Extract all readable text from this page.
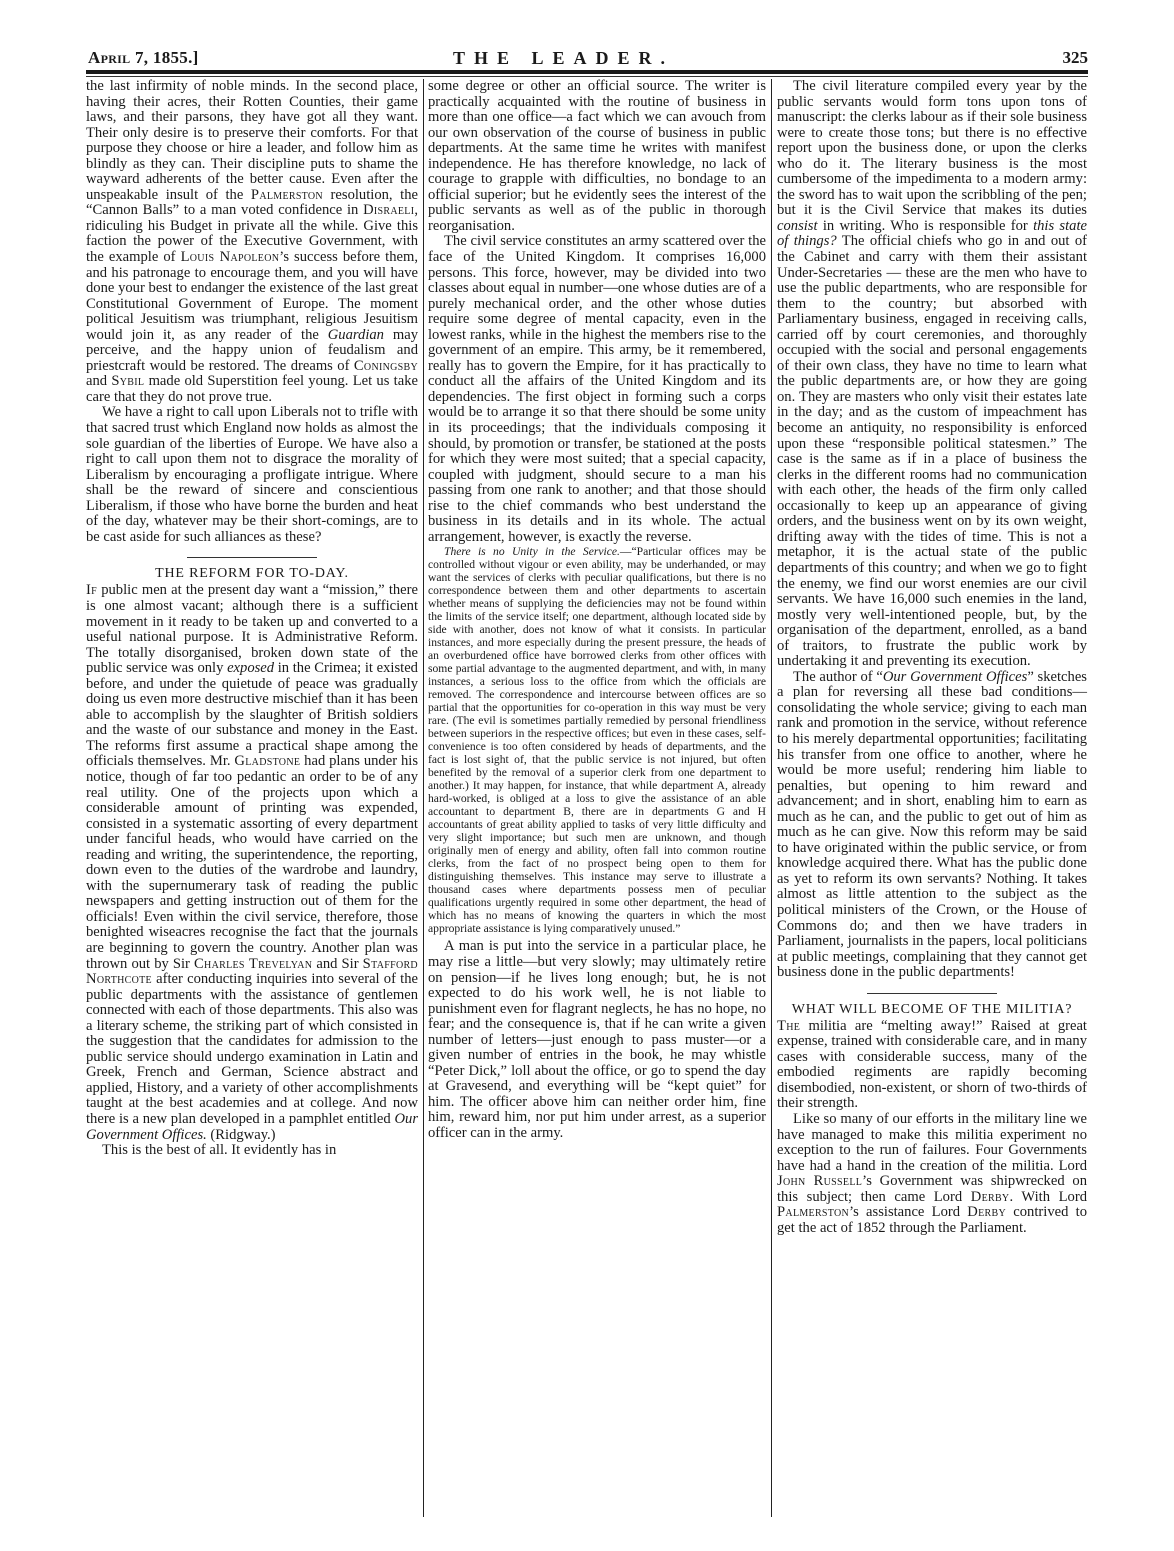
April 7, 1855.]	THE LEADER.	325

the last infirmity of noble minds. In the second place, having their acres, their Rotten Counties, their game laws, and their parsons, they have got all they want. Their only desire is to preserve their comforts. For that purpose they choose or hire a leader, and follow him as blindly as they can. Their discipline puts to shame the wayward adherents of the better cause. Even after the unspeakable insult of the Palmerston resolution, the “Cannon Balls” to a man voted confidence in Disraeli, ridiculing his Budget in private all the while. Give this faction the power of the Executive Government, with the example of Louis Napoleon’s success before them, and his patronage to encourage them, and you will have done your best to endanger the existence of the last great Constitutional Government of Europe. The moment political Jesuitism was triumphant, religious Jesuitism would join it, as any reader of the Guardian may perceive, and the happy union of feudalism and priestcraft would be restored. The dreams of Coningsby and Sybil made old Superstition feel young. Let us take care that they do not prove true.

We have a right to call upon Liberals not to trifle with that sacred trust which England now holds as almost the sole guardian of the liberties of Europe. We have also a right to call upon them not to disgrace the morality of Liberalism by encouraging a profligate intrigue. Where shall be the reward of sincere and conscientious Liberalism, if those who have borne the burden and heat of the day, whatever may be their short-comings, are to be cast aside for such alliances as these?

THE REFORM FOR TO-DAY.

If public men at the present day want a “mission,” there is one almost vacant; although there is a sufficient movement in it ready to be taken up and converted to a useful national purpose. It is Administrative Reform. The totally disorganised, broken down state of the public service was only exposed in the Crimea; it existed before, and under the quietude of peace was gradually doing us even more destructive mischief than it has been able to accomplish by the slaughter of British soldiers and the waste of our substance and money in the East. The reforms first assume a practical shape among the officials themselves. Mr. Gladstone had plans under his notice, though of far too pedantic an order to be of any real utility. One of the projects upon which a considerable amount of printing was expended, consisted in a systematic assorting of every department under fanciful heads, who would have carried on the reading and writing, the superintendence, the reporting, down even to the duties of the wardrobe and laundry, with the supernumerary task of reading the public newspapers and getting instruction out of them for the officials! Even within the civil service, therefore, those benighted wiseacres recognise the fact that the journals are beginning to govern the country. Another plan was thrown out by Sir Charles Trevelyan and Sir Stafford Northcote after conducting inquiries into several of the public departments with the assistance of gentlemen connected with each of those departments. This also was a literary scheme, the striking part of which consisted in the suggestion that the candidates for admission to the public service should undergo examination in Latin and Greek, French and German, Science abstract and applied, History, and a variety of other accomplishments taught at the best academies and at college. And now there is a new plan developed in a pamphlet entitled Our Government Offices. (Ridgway.)

This is the best of all. It evidently has in

some degree or other an official source. The writer is practically acquainted with the routine of business in more than one office—a fact which we can avouch from our own observation of the course of business in public departments. At the same time he writes with manifest independence. He has therefore knowledge, no lack of courage to grapple with difficulties, no bondage to an official superior; but he evidently sees the interest of the public servants as well as of the public in thorough reorganisation.

The civil service constitutes an army scattered over the face of the United Kingdom. It comprises 16,000 persons. This force, however, may be divided into two classes about equal in number—one whose duties are of a purely mechanical order, and the other whose duties require some degree of mental capacity, even in the lowest ranks, while in the highest the members rise to the government of an empire. This army, be it remembered, really has to govern the Empire, for it has practically to conduct all the affairs of the United Kingdom and its dependencies. The first object in forming such a corps would be to arrange it so that there should be some unity in its proceedings; that the individuals composing it should, by promotion or transfer, be stationed at the posts for which they were most suited; that a special capacity, coupled with judgment, should secure to a man his passing from one rank to another; and that those should rise to the chief commands who best understand the business in its details and in its whole. The actual arrangement, however, is exactly the reverse.

There is no Unity in the Service.—“Particular offices may be controlled without vigour or even ability, may be underhanded, or may want the services of clerks with peculiar qualifications, but there is no correspondence between them and other departments to ascertain whether means of supplying the deficiencies may not be found within the limits of the service itself; one department, although located side by side with another, does not know of what it consists. In particular instances, and more especially during the present pressure, the heads of an overburdened office have borrowed clerks from other offices with some partial advantage to the augmented department, and with, in many instances, a serious loss to the office from which the officials are removed. The correspondence and intercourse between offices are so partial that the opportunities for co-operation in this way must be very rare. (The evil is sometimes partially remedied by personal friendliness between superiors in the respective offices; but even in these cases, self-convenience is too often considered by heads of departments, and the fact is lost sight of, that the public service is not injured, but often benefited by the removal of a superior clerk from one department to another.) It may happen, for instance, that while department A, already hard-worked, is obliged at a loss to give the assistance of an able accountant to department B, there are in departments G and H accountants of great ability applied to tasks of very little difficulty and very slight importance; but such men are unknown, and though originally men of energy and ability, often fall into common routine clerks, from the fact of no prospect being open to them for distinguishing themselves. This instance may serve to illustrate a thousand cases where departments possess men of peculiar qualifications urgently required in some other department, the head of which has no means of knowing the quarters in which the most appropriate assistance is lying comparatively unused.”

A man is put into the service in a particular place, he may rise a little—but very slowly; may ultimately retire on pension—if he lives long enough; but, he is not expected to do his work well, he is not liable to punishment even for flagrant neglects, he has no hope, no fear; and the consequence is, that if he can write a given number of letters—just enough to pass muster—or a given number of entries in the book, he may whistle “Peter Dick,” loll about the office, or go to spend the day at Gravesend, and everything will be “kept quiet” for him. The officer above him can neither order him, fine him, reward him, nor put him under arrest, as a superior officer can in the army.

The civil literature compiled every year by the public servants would form tons upon tons of manuscript: the clerks labour as if their sole business were to create those tons; but there is no effective report upon the business done, or upon the clerks who do it. The literary business is the most cumbersome of the impedimenta to a modern army: the sword has to wait upon the scribbling of the pen; but it is the Civil Service that makes its duties consist in writing. Who is responsible for this state of things? The official chiefs who go in and out of the Cabinet and carry with them their assistant Under-Secretaries — these are the men who have to use the public departments, who are responsible for them to the country; but absorbed with Parliamentary business, engaged in receiving calls, carried off by court ceremonies, and thoroughly occupied with the social and personal engagements of their own class, they have no time to learn what the public departments are, or how they are going on. They are masters who only visit their estates late in the day; and as the custom of impeachment has become an antiquity, no responsibility is enforced upon these “responsible political statesmen.” The case is the same as if in a place of business the clerks in the different rooms had no communication with each other, the heads of the firm only called occasionally to keep up an appearance of giving orders, and the business went on by its own weight, drifting away with the tides of time. This is not a metaphor, it is the actual state of the public departments of this country; and when we go to fight the enemy, we find our worst enemies are our civil servants. We have 16,000 such enemies in the land, mostly very well-intentioned people, but, by the organisation of the department, enrolled, as a band of traitors, to frustrate the public work by undertaking it and preventing its execution.

The author of “Our Government Offices” sketches a plan for reversing all these bad conditions—consolidating the whole service; giving to each man rank and promotion in the service, without reference to his merely departmental opportunities; facilitating his transfer from one office to another, where he would be more useful; rendering him liable to penalties, but opening to him reward and advancement; and in short, enabling him to earn as much as he can, and the public to get out of him as much as he can give. Now this reform may be said to have originated within the public service, or from knowledge acquired there. What has the public done as yet to reform its own servants? Nothing. It takes almost as little attention to the subject as the political ministers of the Crown, or the House of Commons do; and then we have traders in Parliament, journalists in the papers, local politicians at public meetings, complaining that they cannot get business done in the public departments!

WHAT WILL BECOME OF THE MILITIA?

The militia are “melting away!” Raised at great expense, trained with considerable care, and in many cases with considerable success, many of the embodied regiments are rapidly becoming disembodied, non-existent, or shorn of two-thirds of their strength.

Like so many of our efforts in the military line we have managed to make this militia experiment no exception to the run of failures. Four Governments have had a hand in the creation of the militia. Lord John Russell’s Government was shipwrecked on this subject; then came Lord Derby. With Lord Palmerston’s assistance Lord Derby contrived to get the act of 1852 through the Parliament.
